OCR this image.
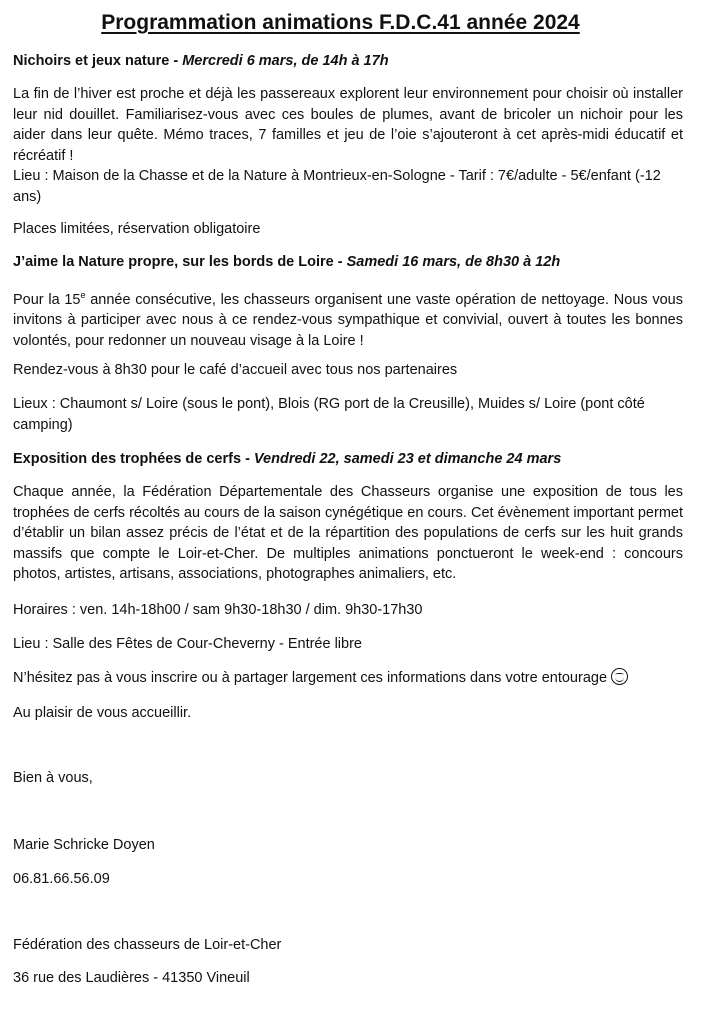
Programmation animations F.D.C.41 année 2024
Nichoirs et jeux nature - Mercredi 6 mars, de 14h à 17h
La fin de l’hiver est proche et déjà les passereaux explorent leur environnement pour choisir où installer leur nid douillet. Familiarisez-vous avec ces boules de plumes, avant de bricoler un nichoir pour les aider dans leur quête. Mémo traces, 7 familles et jeu de l’oie s’ajouteront à cet après-midi éducatif et récréatif !
Lieu : Maison de la Chasse et de la Nature à Montrieux-en-Sologne - Tarif : 7€/adulte - 5€/enfant (-12 ans)
Places limitées, réservation obligatoire
J’aime la Nature propre, sur les bords de Loire - Samedi 16 mars, de 8h30 à 12h
Pour la 15e année consécutive, les chasseurs organisent une vaste opération de nettoyage. Nous vous invitons à participer avec nous à ce rendez-vous sympathique et convivial, ouvert à toutes les bonnes volontés, pour redonner un nouveau visage à la Loire !
Rendez-vous à 8h30 pour le café d’accueil avec tous nos partenaires
Lieux : Chaumont s/ Loire (sous le pont), Blois (RG port de la Creusille), Muides s/ Loire (pont côté camping)
Exposition des trophées de cerfs - Vendredi 22, samedi 23 et dimanche 24 mars
Chaque année, la Fédération Départementale des Chasseurs organise une exposition de tous les trophées de cerfs récoltés au cours de la saison cynégétique en cours. Cet évènement important permet d’établir un bilan assez précis de l’état et de la répartition des populations de cerfs sur les huit grands massifs que compte le Loir-et-Cher. De multiples animations ponctueront le week-end : concours photos, artistes, artisans, associations, photographes animaliers, etc.
Horaires : ven. 14h-18h00 / sam 9h30-18h30 / dim. 9h30-17h30
Lieu : Salle des Fêtes de Cour-Cheverny - Entrée libre
N’hésitez pas à vous inscrire ou à partager largement ces informations dans votre entourage
Au plaisir de vous accueillir.
Bien à vous,
Marie Schricke Doyen
06.81.66.56.09
Fédération des chasseurs de Loir-et-Cher
36 rue des Laudières - 41350 Vineuil
